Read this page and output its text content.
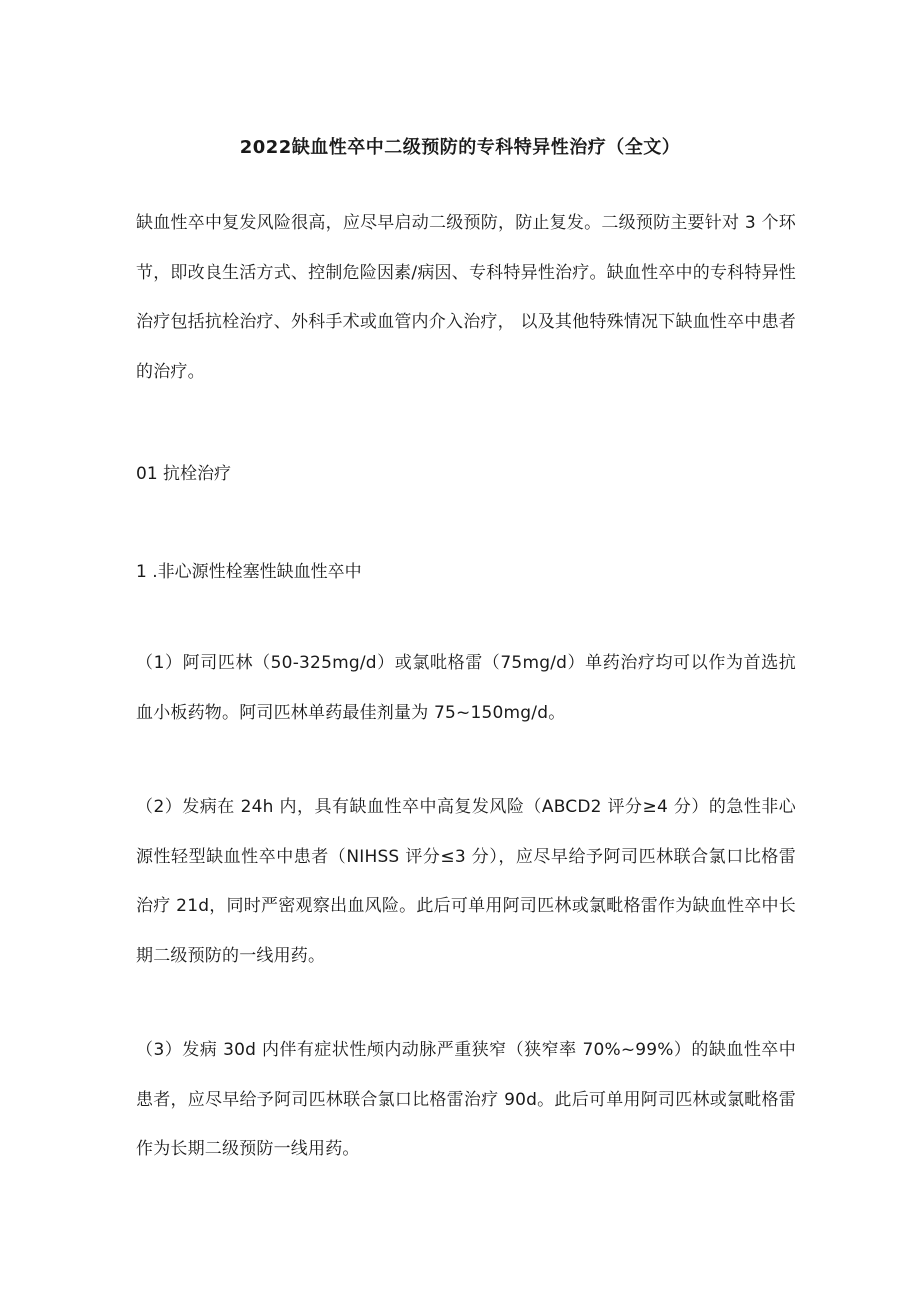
2022缺血性卒中二级预防的专科特异性治疗（全文）

缺血性卒中复发风险很高，应尽早启动二级预防，防止复发。二级预防主要针对 3 个环节，即改良生活方式、控制危险因素/病因、专科特异性治疗。缺血性卒中的专科特异性治疗包括抗栓治疗、外科手术或血管内介入治疗， 以及其他特殊情况下缺血性卒中患者的治疗。

01 抗栓治疗

1 .非心源性栓塞性缺血性卒中

（1）阿司匹林（50-325mg/d）或氯吡格雷（75mg/d）单药治疗均可以作为首选抗血小板药物。阿司匹林单药最佳剂量为 75~150mg/d。

（2）发病在 24h 内，具有缺血性卒中高复发风险（ABCD2 评分≥4 分）的急性非心源性轻型缺血性卒中患者（NIHSS 评分≤3 分），应尽早给予阿司匹林联合氯口比格雷治疗 21d，同时严密观察出血风险。此后可单用阿司匹林或氯毗格雷作为缺血性卒中长期二级预防的一线用药。

（3）发病 30d 内伴有症状性颅内动脉严重狭窄（狭窄率 70%~99%）的缺血性卒中患者，应尽早给予阿司匹林联合氯口比格雷治疗 90d。此后可单用阿司匹林或氯毗格雷作为长期二级预防一线用药。
